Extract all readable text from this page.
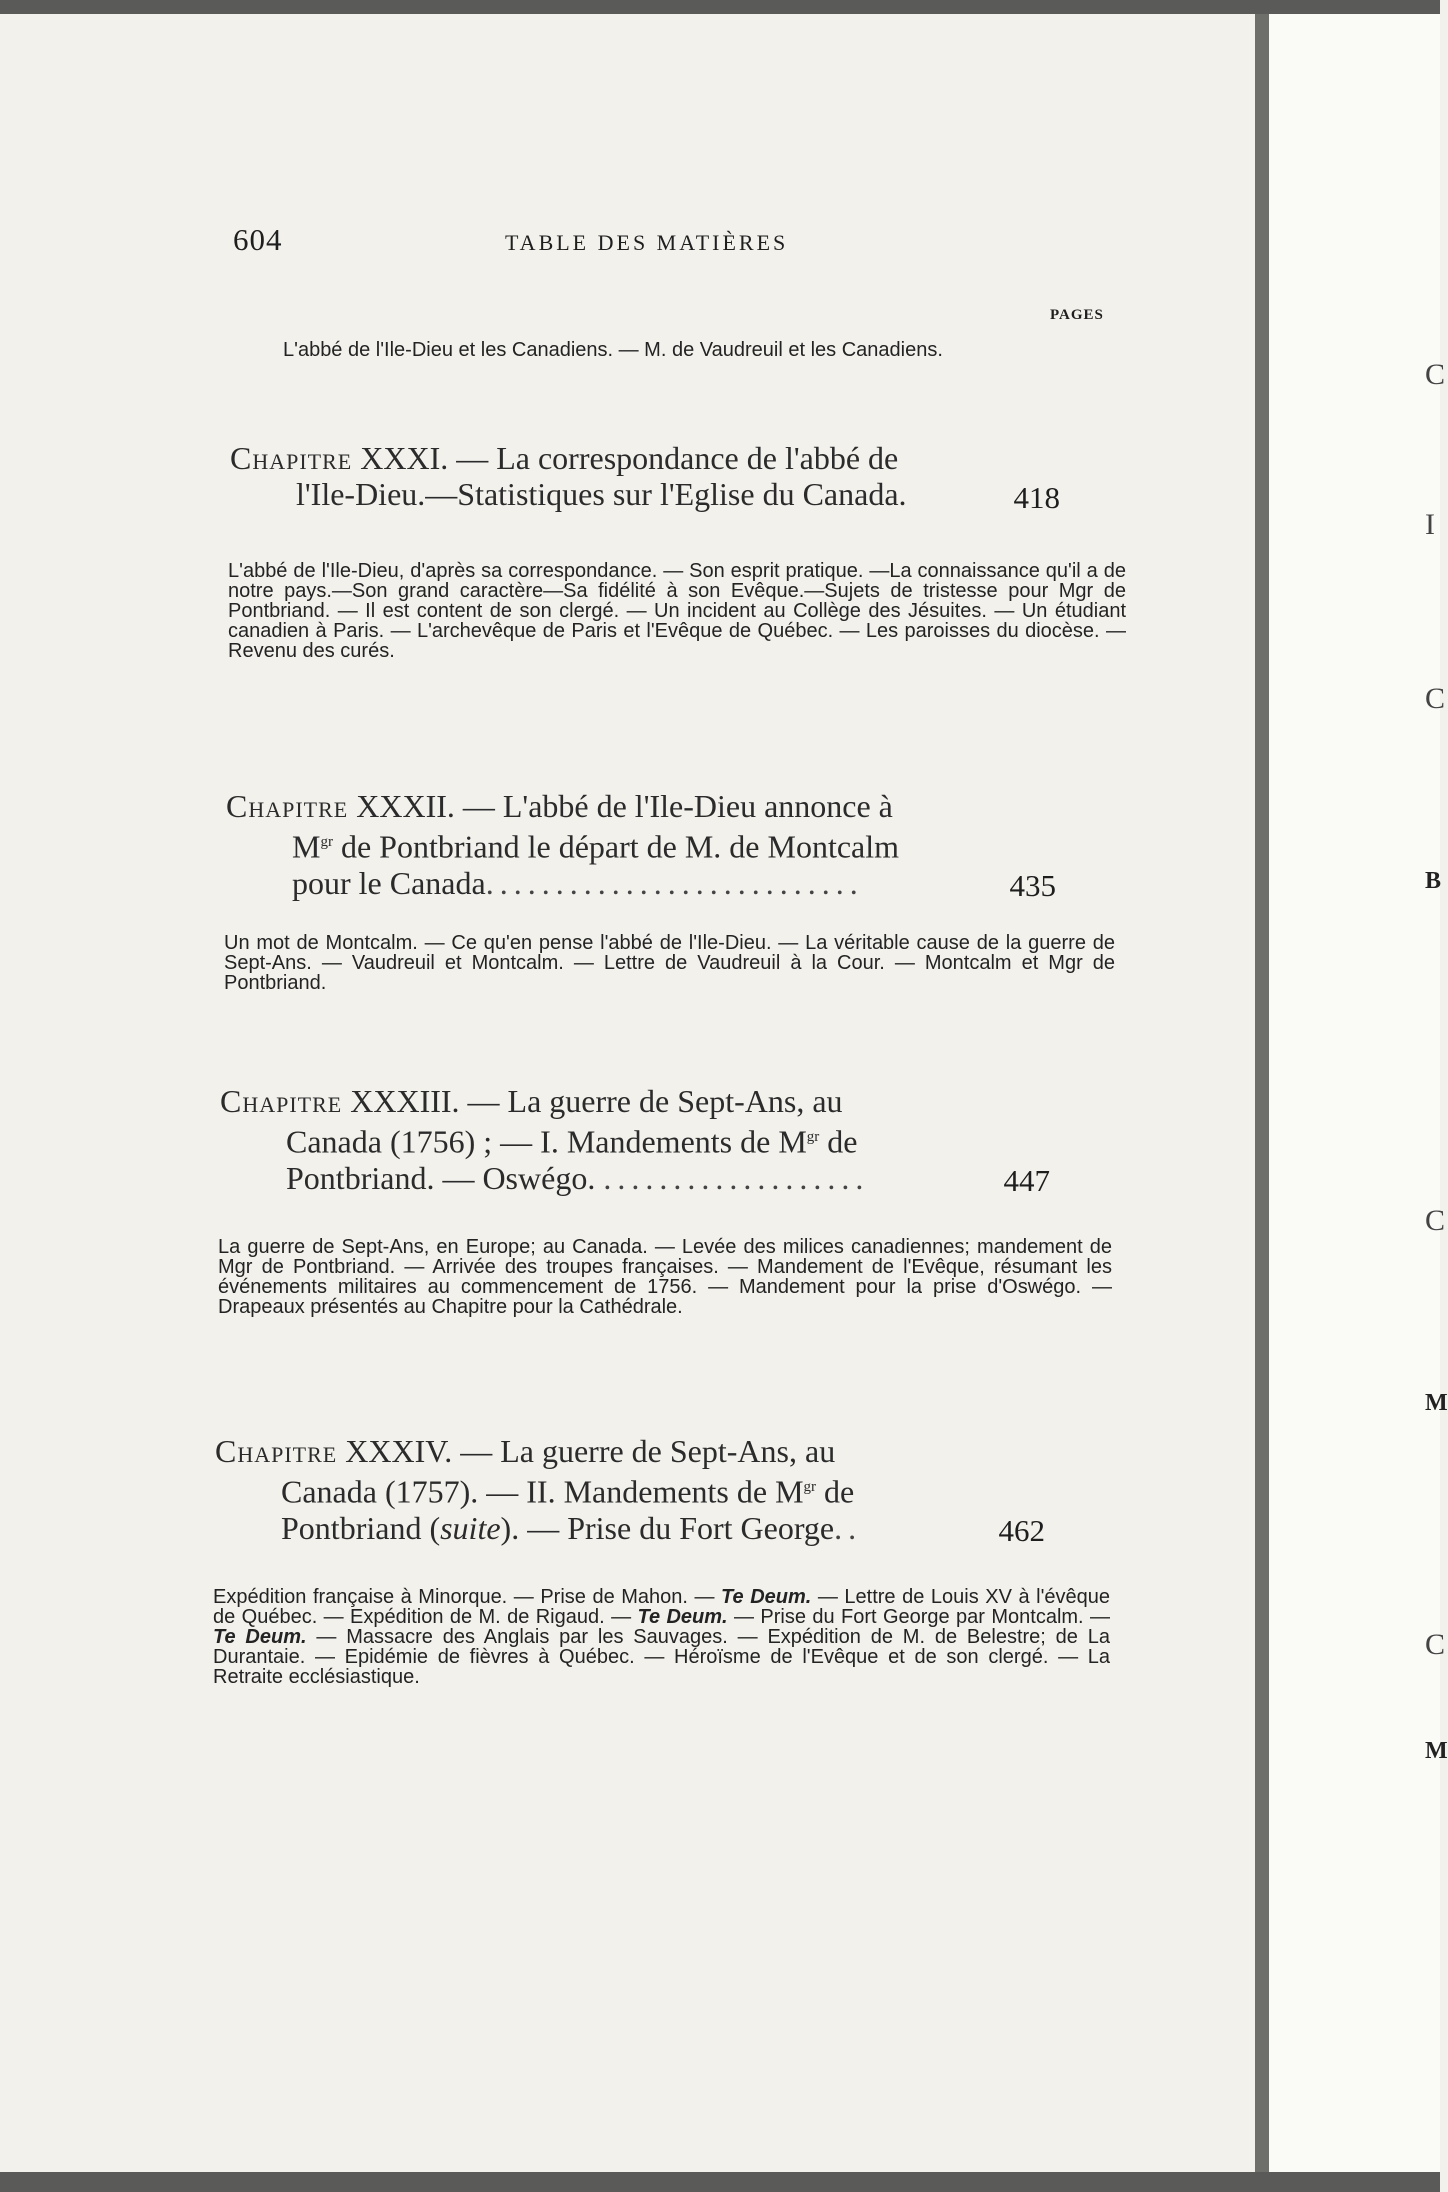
C
I
C
B
C
M
C
M
604	TABLE DES MATIÈRES
PAGES

L'abbé de l'Ile-Dieu et les Canadiens. — M. de Vaudreuil et les Canadiens.

Chapitre XXXI. — La correspondance de l'abbé de
l'Ile-Dieu.—Statistiques sur l'Eglise du Canada.	418

L'abbé de l'Ile-Dieu, d'après sa correspondance. — Son esprit pratique. —La connaissance qu'il a de notre pays.—Son grand caractère—Sa fidélité à son Evêque.—Sujets de tristesse pour Mgr de Pontbriand. — Il est content de son clergé. — Un incident au Collège des Jésuites. — Un étudiant canadien à Paris. — L'archevêque de Paris et l'Evêque de Québec. — Les paroisses du diocèse. — Revenu des curés.

Chapitre XXXII. — L'abbé de l'Ile-Dieu annonce à
$M^{gr}$ de Pontbriand le départ de M. de Montcalm
pour le Canada...........................	435

Un mot de Montcalm. — Ce qu'en pense l'abbé de l'Ile-Dieu. — La véritable cause de la guerre de Sept-Ans. — Vaudreuil et Montcalm. — Lettre de Vaudreuil à la Cour. — Montcalm et Mgr de Pontbriand.

Chapitre XXXIII. — La guerre de Sept-Ans, au
Canada (1756) ; — I. Mandements de $M^{gr}$ de
Pontbriand. — Oswégo. ...................	447

La guerre de Sept-Ans, en Europe; au Canada. — Levée des milices canadiennes; mandement de Mgr de Pontbriand. — Arrivée des troupes françaises. — Mandement de l'Evêque, résumant les événements militaires au commencement de 1756. — Mandement pour la prise d'Oswégo. — Drapeaux présentés au Chapitre pour la Cathédrale.

Chapitre XXXIV. — La guerre de Sept-Ans, au
Canada (1757). — II. Mandements de $M^{gr}$ de
Pontbriand (suite). — Prise du Fort George..	462

Expédition française à Minorque. — Prise de Mahon. — Te Deum. — Lettre de Louis XV à l'évêque de Québec. — Expédition de M. de Rigaud. — Te Deum. — Prise du Fort George par Montcalm. — Te Deum. — Massacre des Anglais par les Sauvages. — Expédition de M. de Belestre; de La Durantaie. — Epidémie de fièvres à Québec. — Héroïsme de l'Evêque et de son clergé. — La Retraite ecclésiastique.
